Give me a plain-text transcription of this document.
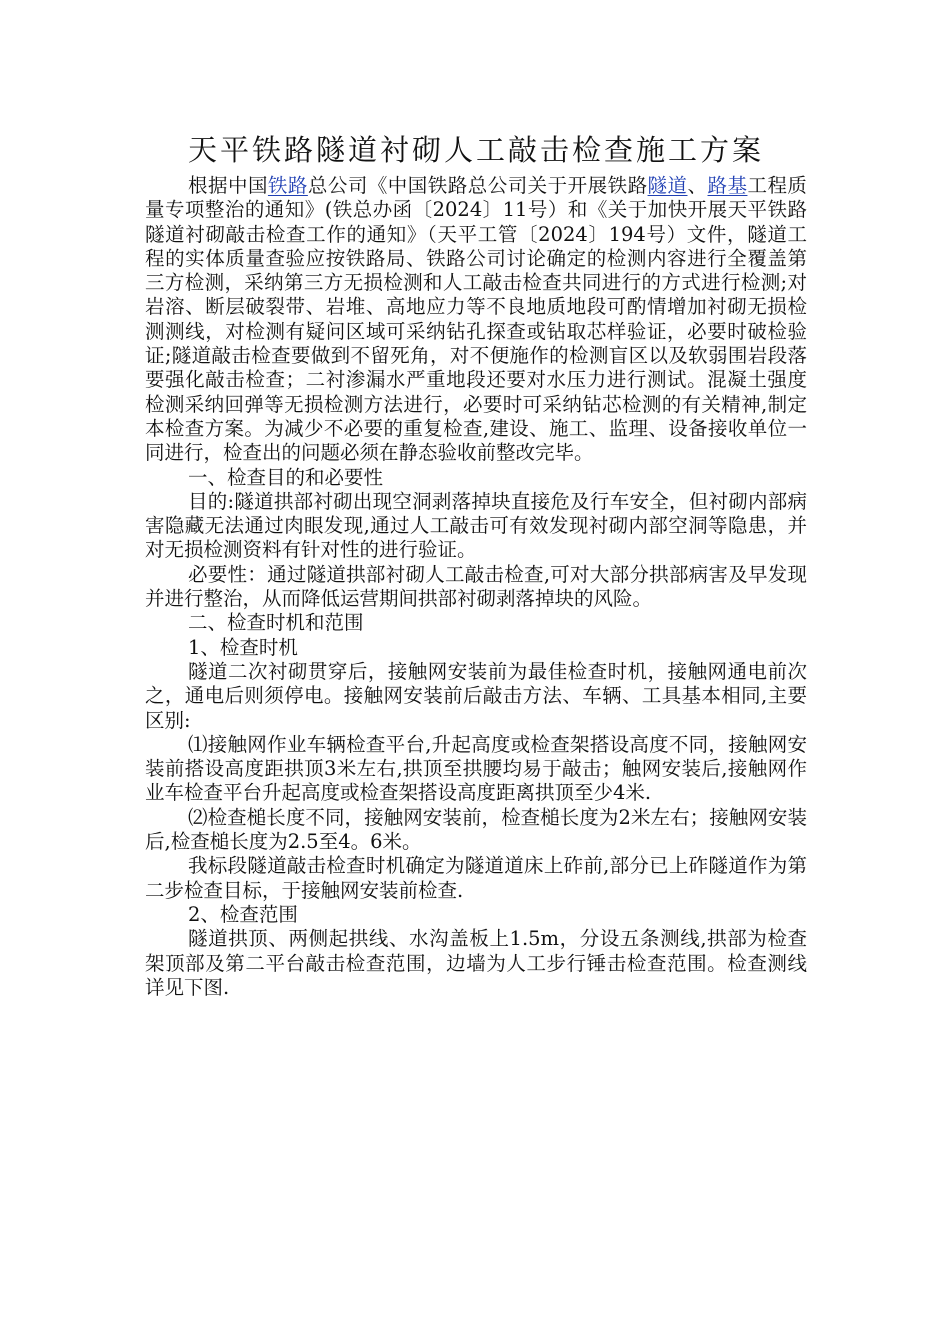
天平铁路隧道衬砌人工敲击检查施工方案

根据中国铁路总公司《中国铁路总公司关于开展铁路隧道、路基工程质量专项整治的通知》(铁总办函〔2024〕11号）和《关于加快开展天平铁路隧道衬砌敲击检查工作的通知》（天平工管〔2024〕194号）文件，隧道工程的实体质量查验应按铁路局、铁路公司讨论确定的检测内容进行全覆盖第三方检测，采纳第三方无损检测和人工敲击检查共同进行的方式进行检测;对岩溶、断层破裂带、岩堆、高地应力等不良地质地段可酌情增加衬砌无损检测测线，对检测有疑问区域可采纳钻孔探查或钻取芯样验证，必要时破检验证;隧道敲击检查要做到不留死角，对不便施作的检测盲区以及软弱围岩段落要强化敲击检查；二衬渗漏水严重地段还要对水压力进行测试。混凝土强度检测采纳回弹等无损检测方法进行，必要时可采纳钻芯检测的有关精神,制定本检查方案。为减少不必要的重复检查,建设、施工、监理、设备接收单位一同进行，检查出的问题必须在静态验收前整改完毕。

一、检查目的和必要性

目的:隧道拱部衬砌出现空洞剥落掉块直接危及行车安全，但衬砌内部病害隐藏无法通过肉眼发现,通过人工敲击可有效发现衬砌内部空洞等隐患，并对无损检测资料有针对性的进行验证。

必要性：通过隧道拱部衬砌人工敲击检查,可对大部分拱部病害及早发现并进行整治，从而降低运营期间拱部衬砌剥落掉块的风险。

二、检查时机和范围

1、检查时机

隧道二次衬砌贯穿后，接触网安装前为最佳检查时机，接触网通电前次之，通电后则须停电。接触网安装前后敲击方法、车辆、工具基本相同,主要区别:

⑴接触网作业车辆检查平台,升起高度或检查架搭设高度不同，接触网安装前搭设高度距拱顶3米左右,拱顶至拱腰均易于敲击；触网安装后,接触网作业车检查平台升起高度或检查架搭设高度距离拱顶至少4米.

⑵检查槌长度不同，接触网安装前，检查槌长度为2米左右；接触网安装后,检查槌长度为2.5至4。6米。

我标段隧道敲击检查时机确定为隧道道床上砟前,部分已上砟隧道作为第二步检查目标，于接触网安装前检查.

2、检查范围

隧道拱顶、两侧起拱线、水沟盖板上1.5m，分设五条测线,拱部为检查架顶部及第二平台敲击检查范围，边墙为人工步行锤击检查范围。检查测线详见下图.
